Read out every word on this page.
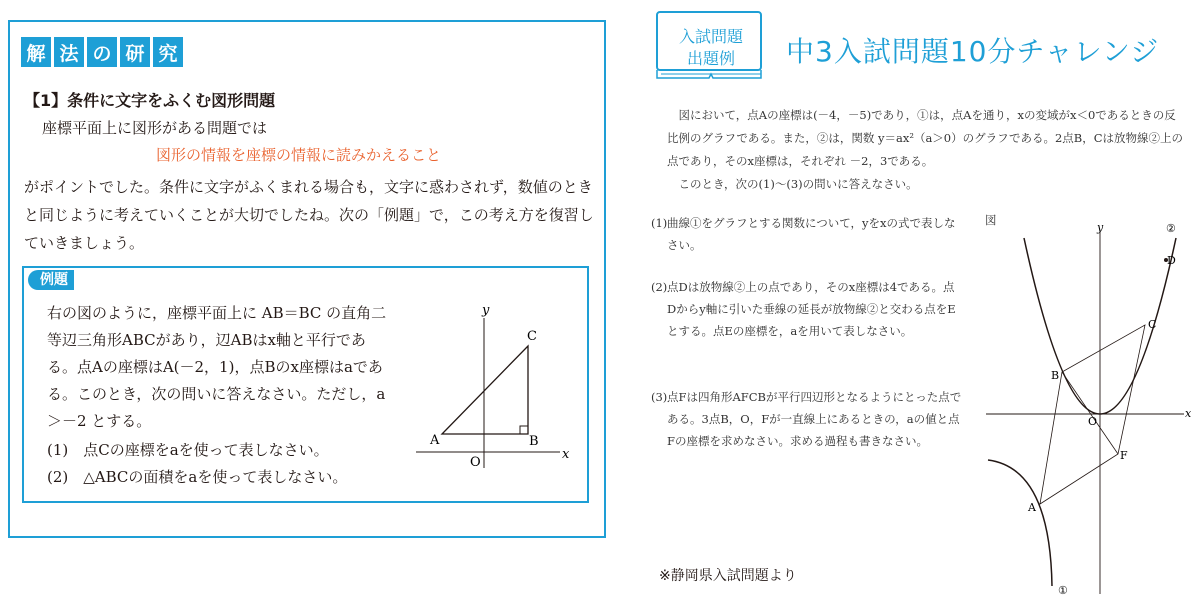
解 法 の 研 究
【1】条件に文字をふくむ図形問題
座標平面上に図形がある問題では
図形の情報を座標の情報に読みかえること
がポイントでした。条件に文字がふくまれる場合も，文字に惑わされず，数値のときと同じように考えていくことが大切でしたね。次の「例題」で，この考え方を復習していきましょう。
例題
右の図のように，座標平面上に AB＝BC の直角二等辺三角形ABCがあり，辺ABはx軸と平行である。点Aの座標はA(－2，1)，点Bのx座標はaである。このとき，次の問いに答えなさい。ただし，a＞－2 とする。
(1)　点Cの座標をaを使って表しなさい。
(2)　△ABCの面積をaを使って表しなさい。
y
x
O
A	B
C
入試問題
出題例	中3入試問題10分チャレンジ

図において，点Aの座標は(－4，－5)であり，①は，点Aを通り，xの変域がx＜0であるときの反比例のグラフである。また，②は，関数 y＝ax²（a＞0）のグラフである。2点B，Cは放物線②上の点であり，そのx座標は，それぞれ －2，3である。

このとき，次の(1)～(3)の問いに答えなさい。

(1) 曲線①をグラフとする関数について，yをxの式で表しなさい。
(2) 点Dは放物線②上の点であり，そのx座標は4である。点Dからy軸に引いた垂線の延長が放物線②と交わる点をEとする。点Eの座標を，aを用いて表しなさい。
(3) 点Fは四角形AFCBが平行四辺形となるようにとった点である。3点B，O，Fが一直線上にあるときの，aの値と点Fの座標を求めなさい。求める過程も書きなさい。
図
y
x
O
A
B
C
D
F
②
①
※静岡県入試問題より
